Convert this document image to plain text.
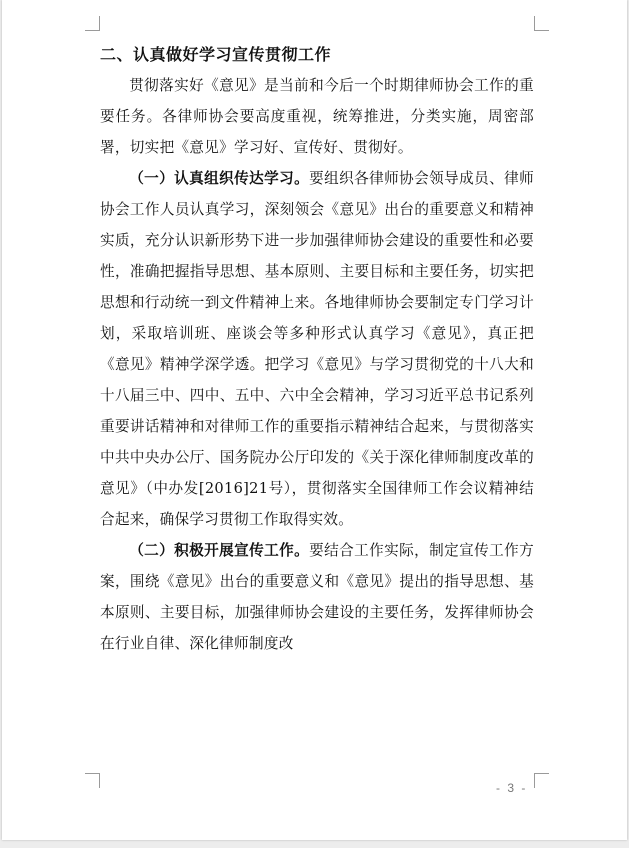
二、认真做好学习宣传贯彻工作

贯彻落实好《意见》是当前和今后一个时期律师协会工作的重要任务。各律师协会要高度重视，统筹推进，分类实施，周密部署，切实把《意见》学习好、宣传好、贯彻好。

（一）认真组织传达学习。要组织各律师协会领导成员、律师协会工作人员认真学习，深刻领会《意见》出台的重要意义和精神实质，充分认识新形势下进一步加强律师协会建设的重要性和必要性，准确把握指导思想、基本原则、主要目标和主要任务，切实把思想和行动统一到文件精神上来。各地律师协会要制定专门学习计划，采取培训班、座谈会等多种形式认真学习《意见》，真正把《意见》精神学深学透。把学习《意见》与学习贯彻党的十八大和十八届三中、四中、五中、六中全会精神，学习习近平总书记系列重要讲话精神和对律师工作的重要指示精神结合起来，与贯彻落实中共中央办公厅、国务院办公厅印发的《关于深化律师制度改革的意见》（中办发[2016]21号），贯彻落实全国律师工作会议精神结合起来，确保学习贯彻工作取得实效。

（二）积极开展宣传工作。要结合工作实际，制定宣传工作方案，围绕《意见》出台的重要意义和《意见》提出的指导思想、基本原则、主要目标，加强律师协会建设的主要任务，发挥律师协会在行业自律、深化律师制度改

- 3 -
